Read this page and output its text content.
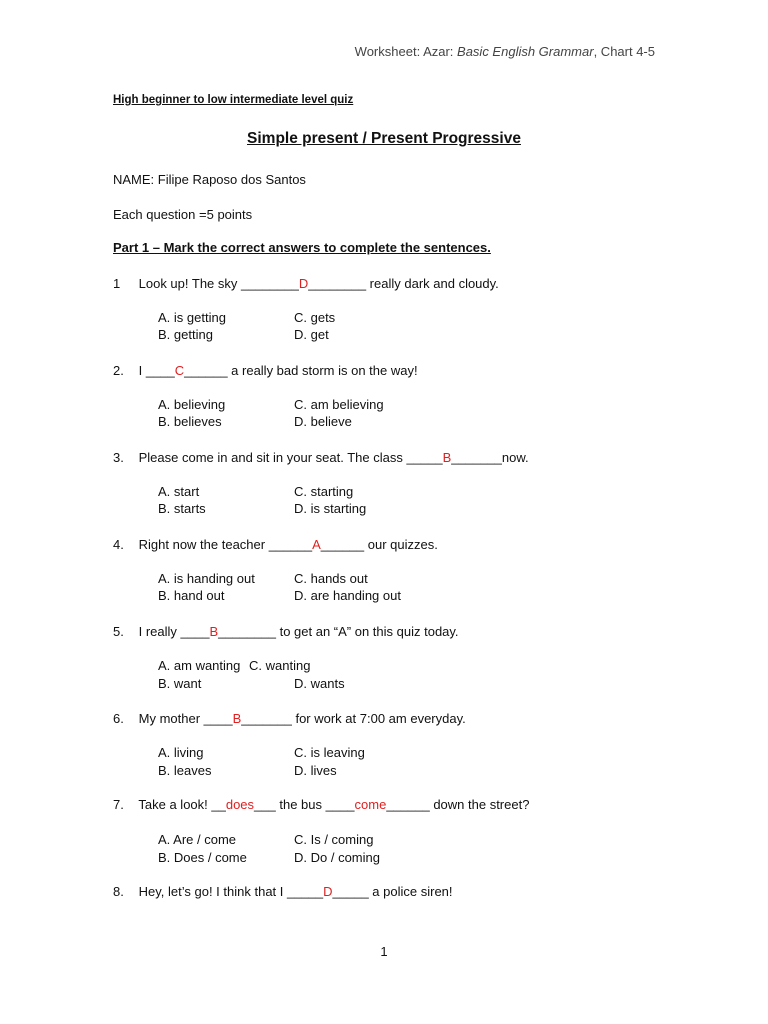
Worksheet: Azar: Basic English Grammar, Chart 4-5
High beginner to low intermediate level quiz
Simple present / Present Progressive
NAME: Filipe Raposo dos Santos
Each question =5 points
Part 1 – Mark the correct answers to complete the sentences.
1 Look up! The sky ________D________ really dark and cloudy.
A. is getting
B. getting
C. gets
D. get
2. I ____C______ a really bad storm is on the way!
A. believing
B. believes
C. am believing
D. believe
3. Please come in and sit in your seat. The class _____B_______now.
A. start
B. starts
C. starting
D. is starting
4. Right now the teacher ______A______ our quizzes.
A. is handing out
B. hand out
C. hands out
D. are handing out
5. I really ____B________ to get an “A” on this quiz today.
A. am wanting
B. want
C. wanting
D. wants
6. My mother ____B_______ for work at 7:00 am everyday.
A. living
B. leaves
C. is leaving
D. lives
7. Take a look! __does___ the bus ____come______ down the street?
A. Are / come
B. Does / come
C. Is / coming
D. Do / coming
8. Hey, let’s go! I think that I _____D_____ a police siren!
1
